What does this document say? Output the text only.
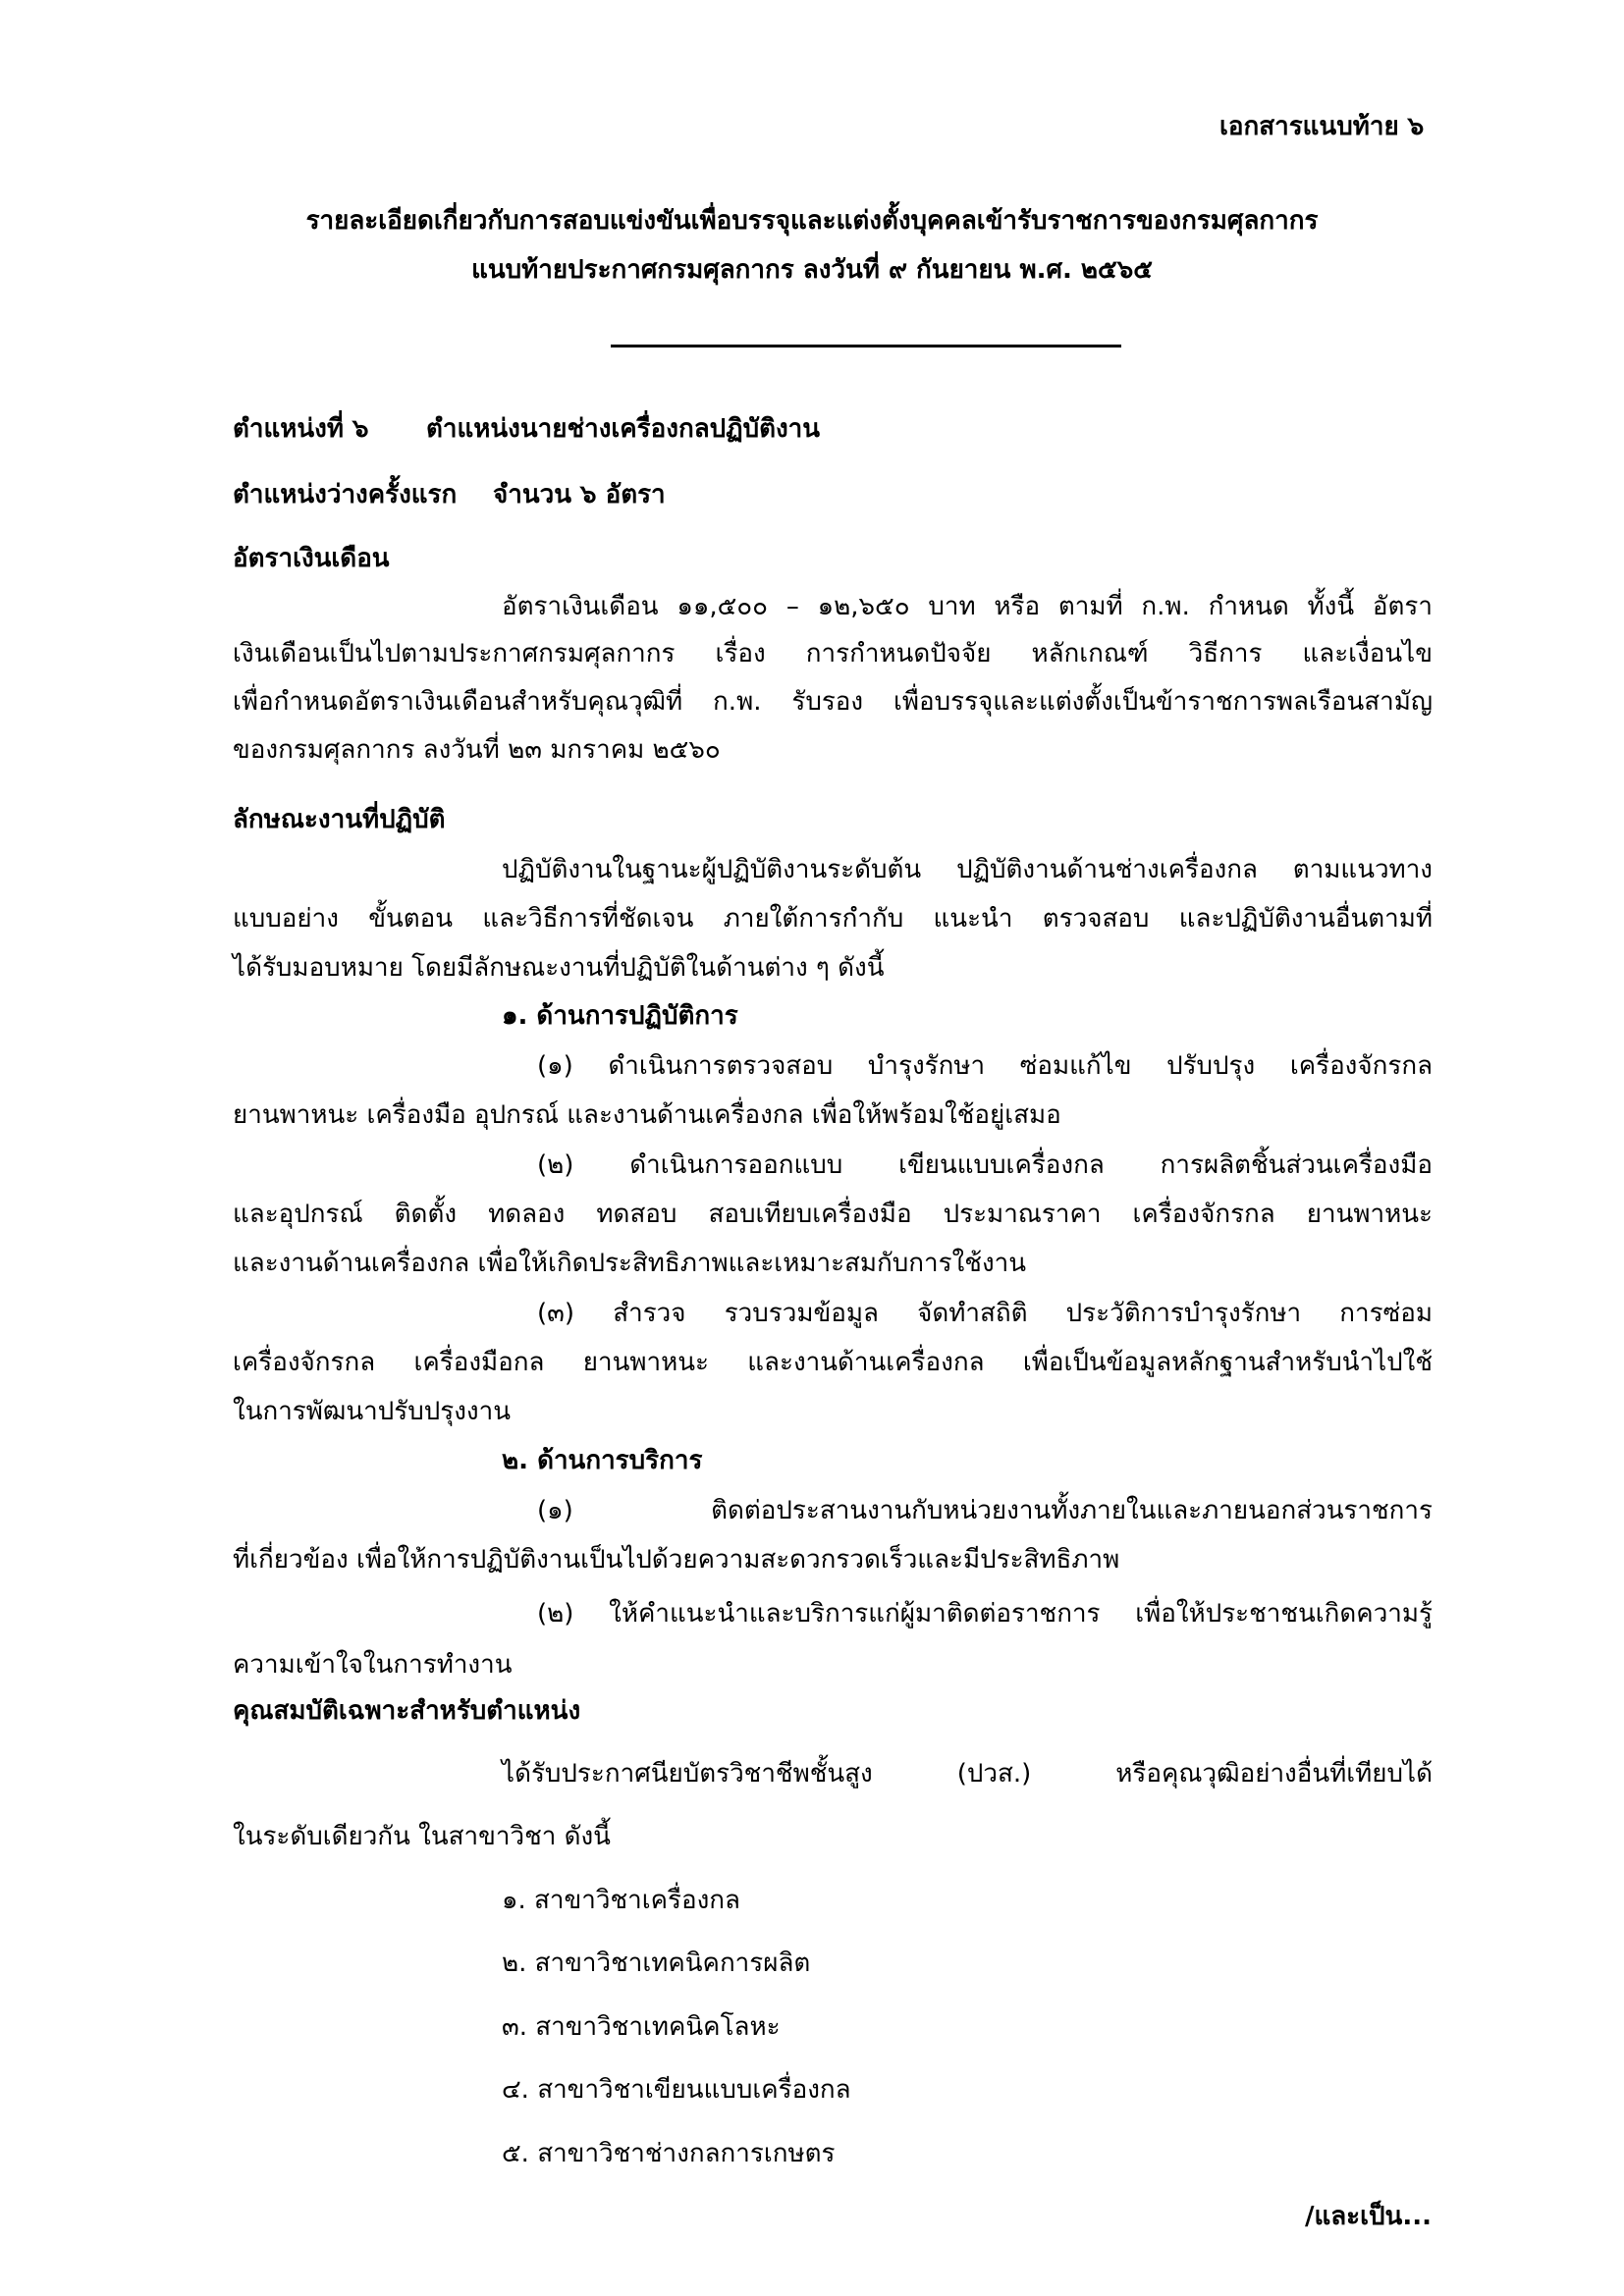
เอกสารแนบท้าย ๖
รายละเอียดเกี่ยวกับการสอบแข่งขันเพื่อบรรจุและแต่งตั้งบุคคลเข้ารับราชการของกรมศุลกากร
แนบท้ายประกาศกรมศุลกากร ลงวันที่ ๙ กันยายน พ.ศ. ๒๕๖๕
ตำแหน่งที่ ๖ ตำแหน่งนายช่างเครื่องกลปฏิบัติงาน
ตำแหน่งว่างครั้งแรก จำนวน ๖ อัตรา
อัตราเงินเดือน
อัตราเงินเดือน ๑๑,๕๐๐ – ๑๒,๖๕๐ บาท หรือ ตามที่ ก.พ. กำหนด ทั้งนี้ อัตรา
เงินเดือนเป็นไปตามประกาศกรมศุลกากร เรื่อง การกำหนดปัจจัย หลักเกณฑ์ วิธีการ และเงื่อนไข
เพื่อกำหนดอัตราเงินเดือนสำหรับคุณวุฒิที่ ก.พ. รับรอง เพื่อบรรจุและแต่งตั้งเป็นข้าราชการพลเรือนสามัญ
ของกรมศุลกากร ลงวันที่ ๒๓ มกราคม ๒๕๖๐
ลักษณะงานที่ปฏิบัติ
ปฏิบัติงานในฐานะผู้ปฏิบัติงานระดับต้น ปฏิบัติงานด้านช่างเครื่องกล ตามแนวทาง
แบบอย่าง ขั้นตอน และวิธีการที่ชัดเจน ภายใต้การกำกับ แนะนำ ตรวจสอบ และปฏิบัติงานอื่นตามที่
ได้รับมอบหมาย โดยมีลักษณะงานที่ปฏิบัติในด้านต่าง ๆ ดังนี้
๑. ด้านการปฏิบัติการ
(๑) ดำเนินการตรวจสอบ บำรุงรักษา ซ่อมแก้ไข ปรับปรุง เครื่องจักรกล
ยานพาหนะ เครื่องมือ อุปกรณ์ และงานด้านเครื่องกล เพื่อให้พร้อมใช้อยู่เสมอ
(๒) ดำเนินการออกแบบ เขียนแบบเครื่องกล การผลิตชิ้นส่วนเครื่องมือ
และอุปกรณ์ ติดตั้ง ทดลอง ทดสอบ สอบเทียบเครื่องมือ ประมาณราคา เครื่องจักรกล ยานพาหนะ
และงานด้านเครื่องกล เพื่อให้เกิดประสิทธิภาพและเหมาะสมกับการใช้งาน
(๓) สำรวจ รวบรวมข้อมูล จัดทำสถิติ ประวัติการบำรุงรักษา การซ่อม
เครื่องจักรกล เครื่องมือกล ยานพาหนะ และงานด้านเครื่องกล เพื่อเป็นข้อมูลหลักฐานสำหรับนำไปใช้
ในการพัฒนาปรับปรุงงาน
๒. ด้านการบริการ
(๑) ติดต่อประสานงานกับหน่วยงานทั้งภายในและภายนอกส่วนราชการ
ที่เกี่ยวข้อง เพื่อให้การปฏิบัติงานเป็นไปด้วยความสะดวกรวดเร็วและมีประสิทธิภาพ
(๒) ให้คำแนะนำและบริการแก่ผู้มาติดต่อราชการ เพื่อให้ประชาชนเกิดความรู้
ความเข้าใจในการทำงาน
คุณสมบัติเฉพาะสำหรับตำแหน่ง
ได้รับประกาศนียบัตรวิชาชีพชั้นสูง (ปวส.) หรือคุณวุฒิอย่างอื่นที่เทียบได้
ในระดับเดียวกัน ในสาขาวิชา ดังนี้
๑. สาขาวิชาเครื่องกล
๒. สาขาวิชาเทคนิคการผลิต
๓. สาขาวิชาเทคนิคโลหะ
๔. สาขาวิชาเขียนแบบเครื่องกล
๕. สาขาวิชาช่างกลการเกษตร
/และเป็น...
